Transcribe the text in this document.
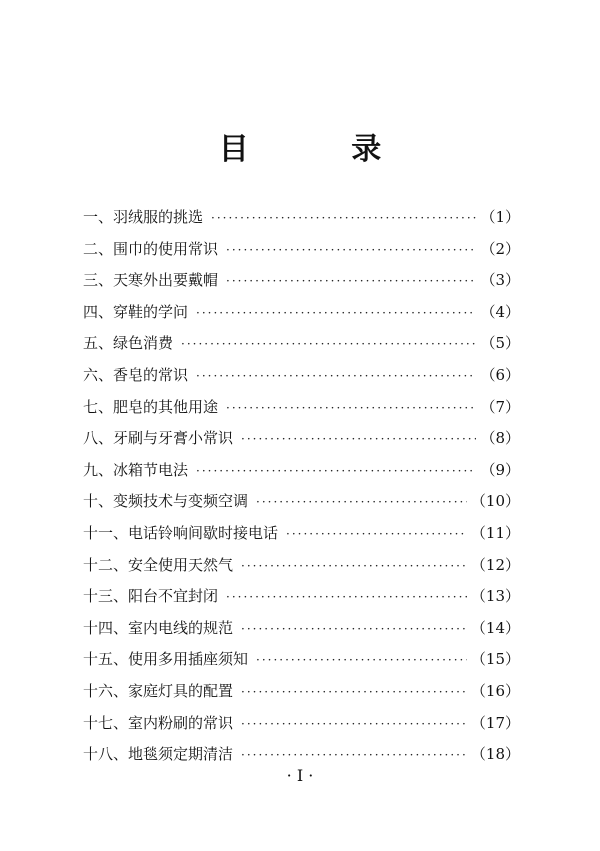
目 录
一、羽绒服的挑选 ·····	（1）
二、围巾的使用常识 ·····	（2）
三、天寒外出要戴帽 ·····	（3）
四、穿鞋的学问 ·····	（4）
五、绿色消费 ·····	（5）
六、香皂的常识 ·····	（6）
七、肥皂的其他用途 ·····	（7）
八、牙刷与牙膏小常识 ·····	（8）
九、冰箱节电法 ·····	（9）
十、变频技术与变频空调 ·····	（10）
十一、电话铃响间歇时接电话 ·····	（11）
十二、安全使用天然气 ·····	（12）
十三、阳台不宜封闭 ·····	（13）
十四、室内电线的规范 ·····	（14）
十五、使用多用插座须知 ·····	（15）
十六、家庭灯具的配置 ·····	（16）
十七、室内粉刷的常识 ·····	（17）
十八、地毯须定期清洁 ·····	（18）
· I ·
